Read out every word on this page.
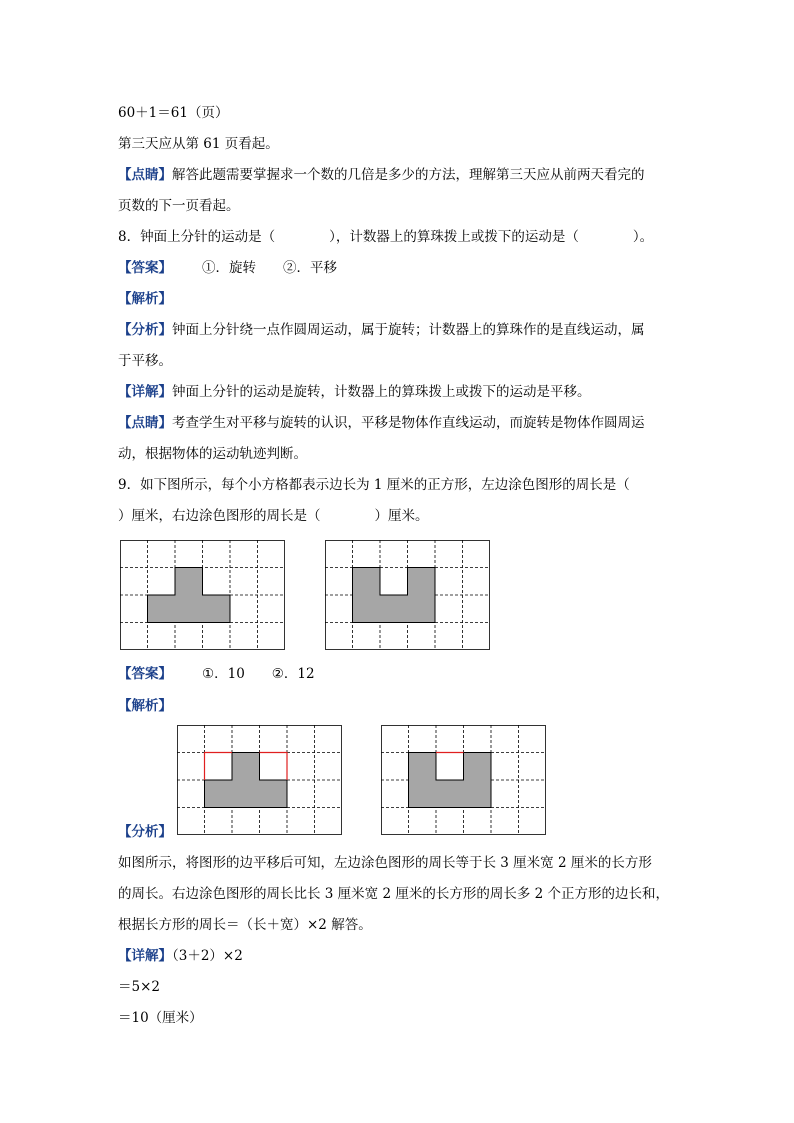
60＋1＝61（页）
第三天应从第 61 页看起。
【点睛】解答此题需要掌握求一个数的几倍是多少的方法，理解第三天应从前两天看完的
页数的下一页看起。
8．钟面上分针的运动是（　　　　），计数器上的算珠拨上或拨下的运动是（　　　　）。
【答案】 ①．旋转　　②．平移
【解析】
【分析】钟面上分针绕一点作圆周运动，属于旋转；计数器上的算珠作的是直线运动，属
于平移。
【详解】钟面上分针的运动是旋转，计数器上的算珠拨上或拨下的运动是平移。
【点睛】考查学生对平移与旋转的认识，平移是物体作直线运动，而旋转是物体作圆周运
动，根据物体的运动轨迹判断。
9．如下图所示，每个小方格都表示边长为 1 厘米的正方形，左边涂色图形的周长是（
）厘米，右边涂色图形的周长是（　　　　）厘米。
【答案】 ①．10　　②．12
【解析】
【分析】
如图所示，将图形的边平移后可知，左边涂色图形的周长等于长 3 厘米宽 2 厘米的长方形
的周长。右边涂色图形的周长比长 3 厘米宽 2 厘米的长方形的周长多 2 个正方形的边长和，
根据长方形的周长＝（长＋宽）×2 解答。
【详解】（3＋2）×2
＝5×2
＝10（厘米）
